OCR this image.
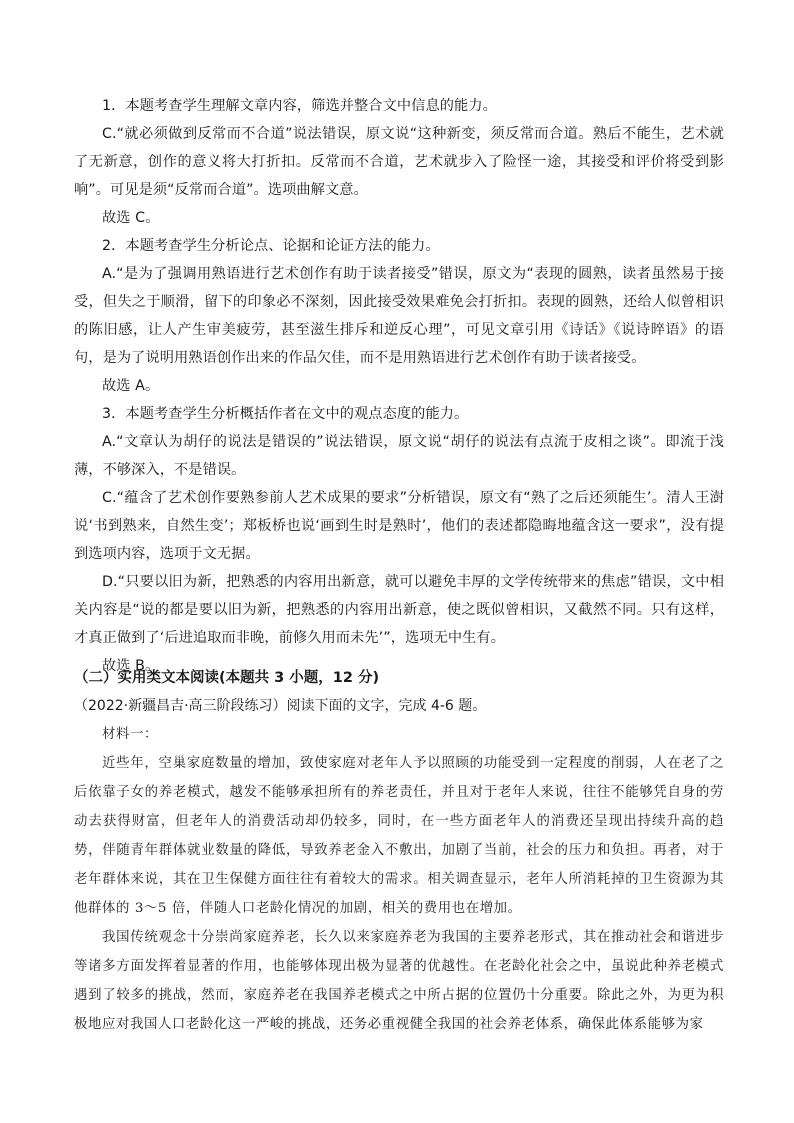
1．本题考查学生理解文章内容，筛选并整合文中信息的能力。

C.“就必须做到反常而不合道”说法错误，原文说“这种新变，须反常而合道。熟后不能生，艺术就了无新意，创作的意义将大打折扣。反常而不合道，艺术就步入了险怪一途，其接受和评价将受到影响”。可见是须“反常而合道”。选项曲解文意。

故选 C。

2．本题考查学生分析论点、论据和论证方法的能力。

A.“是为了强调用熟语进行艺术创作有助于读者接受”错误，原文为“表现的圆熟，读者虽然易于接受，但失之于顺滑，留下的印象必不深刻，因此接受效果难免会打折扣。表现的圆熟，还给人似曾相识的陈旧感，让人产生审美疲劳，甚至滋生排斥和逆反心理”，可见文章引用《诗话》《说诗晬语》的语句，是为了说明用熟语创作出来的作品欠佳，而不是用熟语进行艺术创作有助于读者接受。

故选 A。

3．本题考查学生分析概括作者在文中的观点态度的能力。

A.“文章认为胡仔的说法是错误的”说法错误，原文说“胡仔的说法有点流于皮相之谈”。即流于浅薄，不够深入，不是错误。

C.“蕴含了艺术创作要熟参前人艺术成果的要求”分析错误，原文有“熟了之后还须能生’。清人王澍说‘书到熟来，自然生变’；郑板桥也说‘画到生时是熟时’，他们的表述都隐晦地蕴含这一要求”，没有提到选项内容，选项于文无据。

D.“只要以旧为新，把熟悉的内容用出新意，就可以避免丰厚的文学传统带来的焦虑”错误，文中相关内容是“说的都是要以旧为新，把熟悉的内容用出新意，使之既似曾相识，又截然不同。只有这样，才真正做到了‘后进追取而非晚，前修久用而未先’”，选项无中生有。

故选 B。

（二）实用类文本阅读(本题共 3 小题，12 分)

（2022·新疆昌吉·高三阶段练习）阅读下面的文字，完成 4-6 题。

材料一：

近些年，空巢家庭数量的增加，致使家庭对老年人予以照顾的功能受到一定程度的削弱，人在老了之后依靠子女的养老模式，越发不能够承担所有的养老责任，并且对于老年人来说，往往不能够凭自身的劳动去获得财富，但老年人的消费活动却仍较多，同时，在一些方面老年人的消费还呈现出持续升高的趋势，伴随青年群体就业数量的降低，导致养老金入不敷出，加剧了当前，社会的压力和负担。再者，对于老年群体来说，其在卫生保健方面往往有着较大的需求。相关调查显示，老年人所消耗掉的卫生资源为其他群体的 3～5 倍，伴随人口老龄化情况的加剧，相关的费用也在增加。

我国传统观念十分崇尚家庭养老，长久以来家庭养老为我国的主要养老形式，其在推动社会和谐进步等诸多方面发挥着显著的作用，也能够体现出极为显著的优越性。在老龄化社会之中，虽说此种养老模式遇到了较多的挑战，然而，家庭养老在我国养老模式之中所占据的位置仍十分重要。除此之外，为更为积极地应对我国人口老龄化这一严峻的挑战，还务必重视健全我国的社会养老体系，确保此体系能够为家
